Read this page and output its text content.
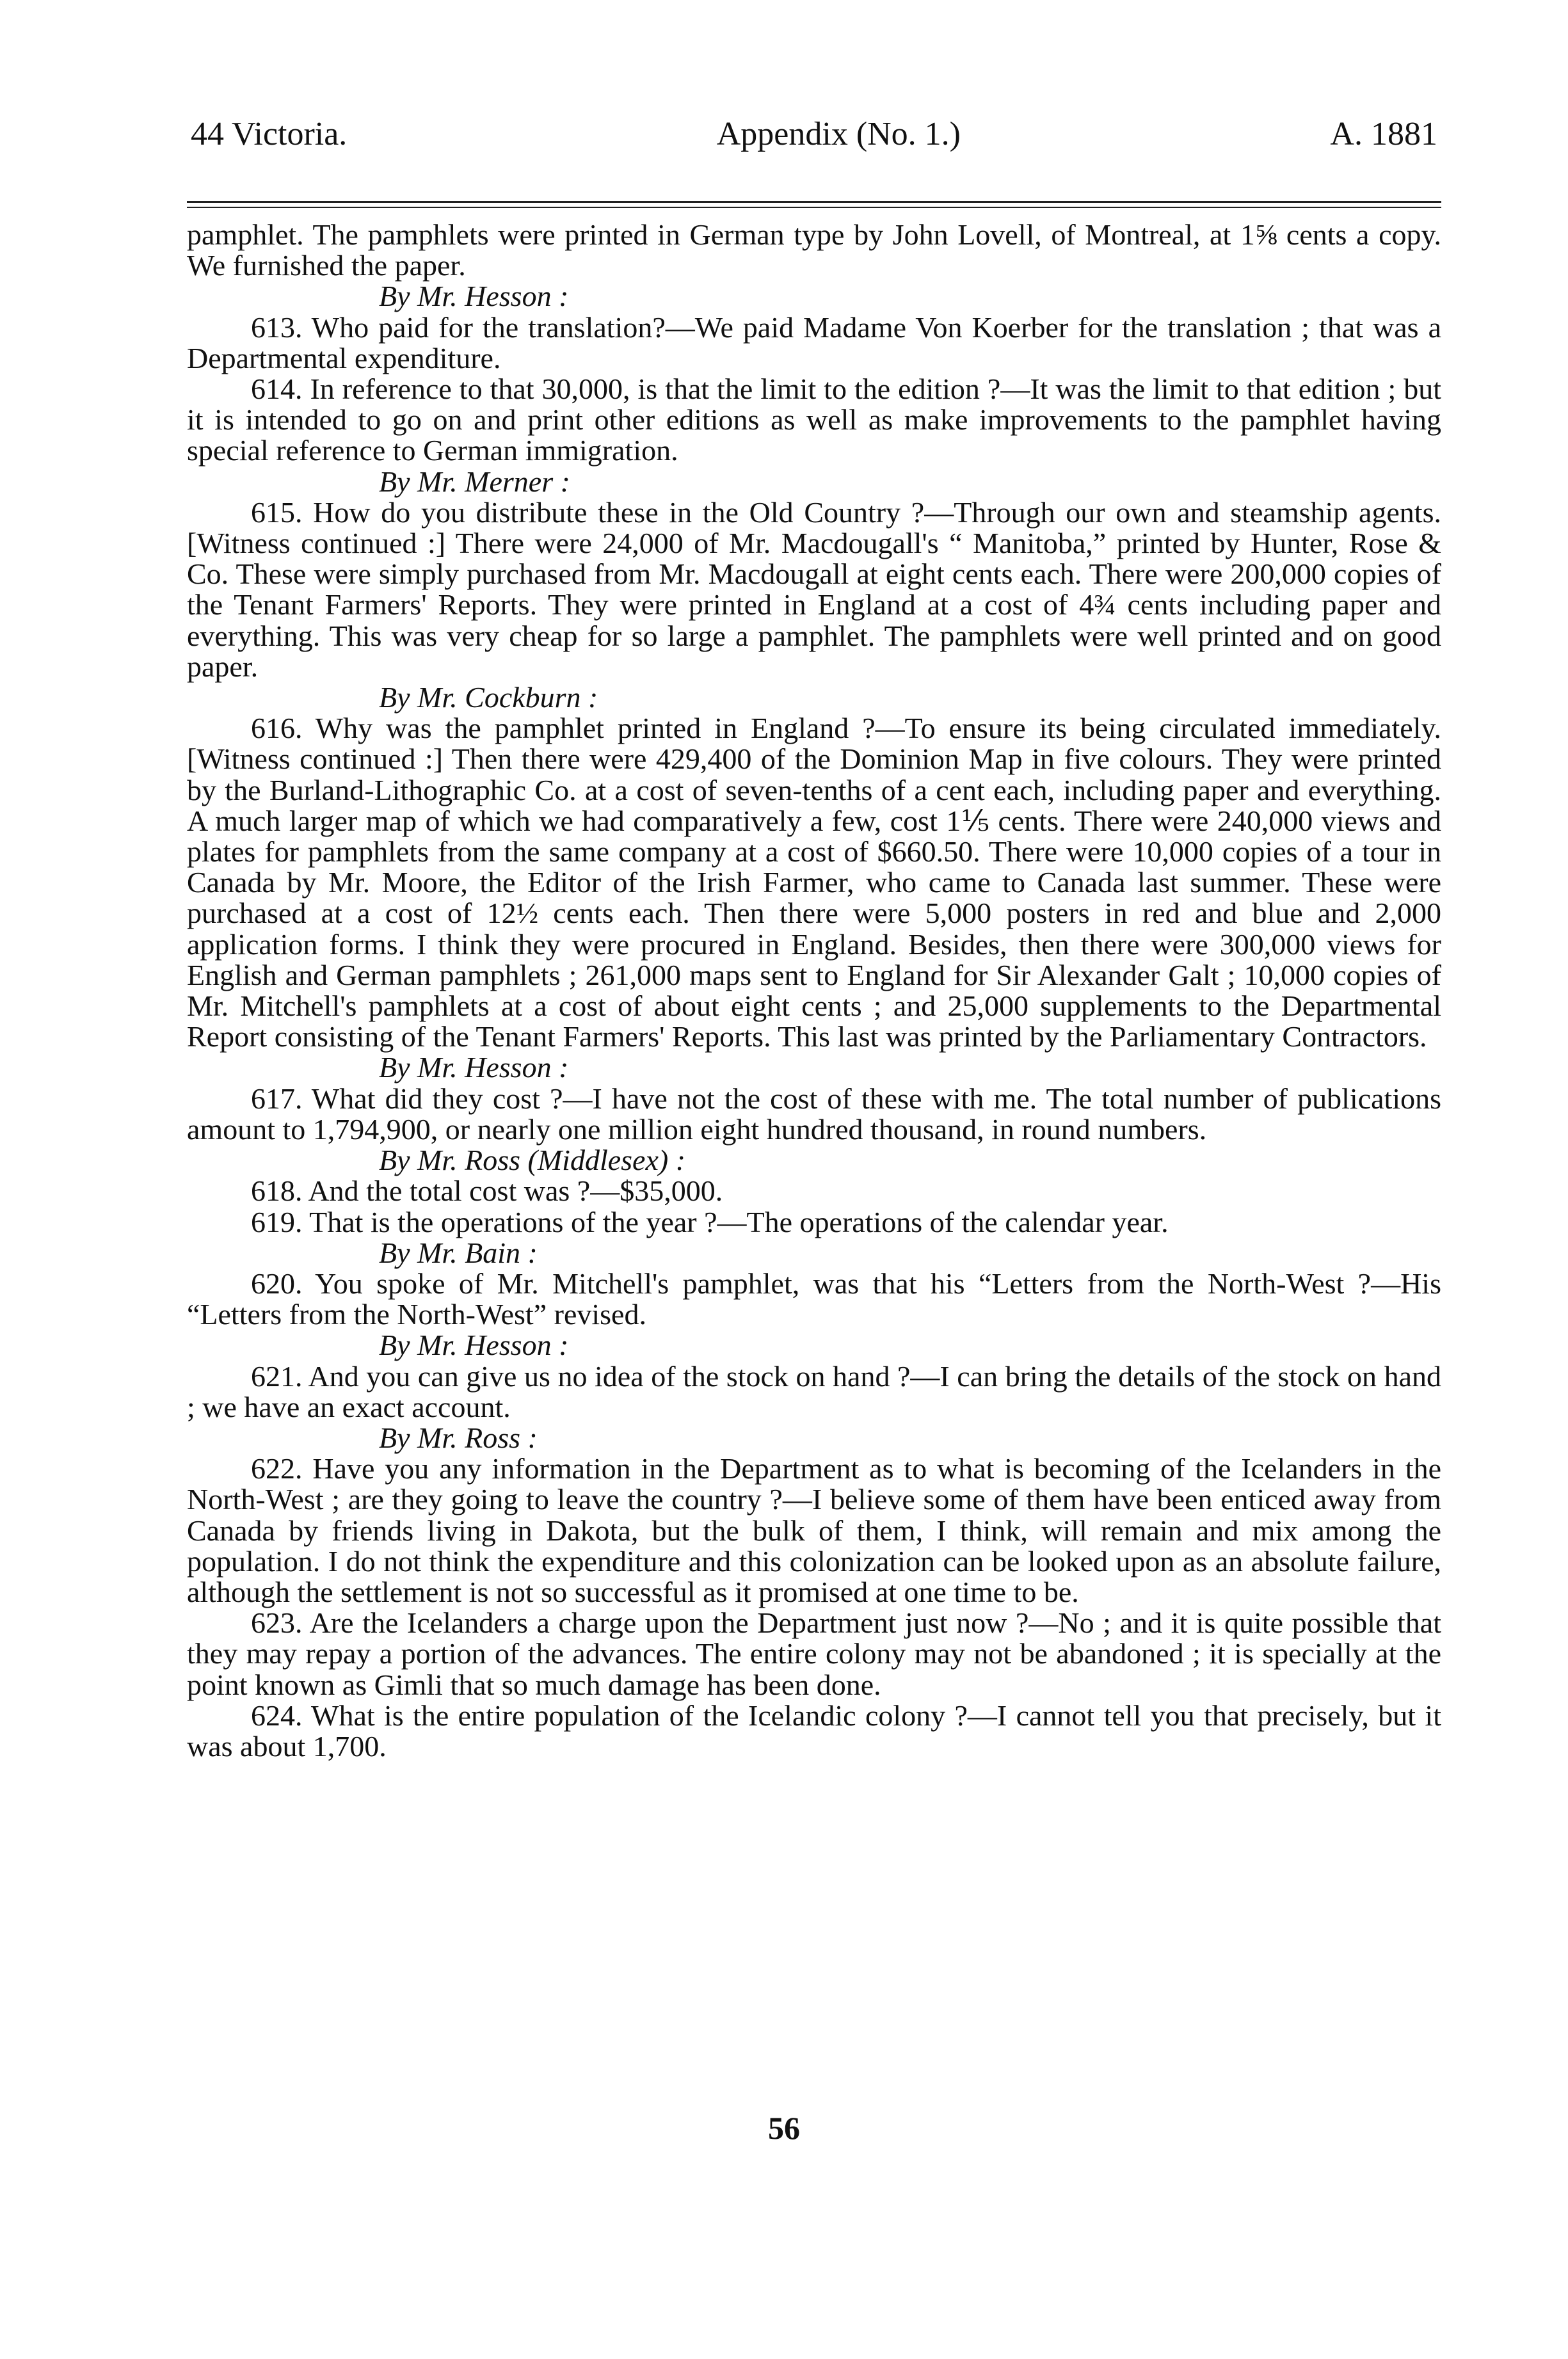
44 Victoria.	Appendix (No. 1.)	A. 1881

pamphlet. The pamphlets were printed in German type by John Lovell, of Montreal, at 1⅝ cents a copy. We furnished the paper.

By Mr. Hesson :

613. Who paid for the translation?—We paid Madame Von Koerber for the translation ; that was a Departmental expenditure.

614. In reference to that 30,000, is that the limit to the edition ?—It was the limit to that edition ; but it is intended to go on and print other editions as well as make improvements to the pamphlet having special reference to German immigration.

By Mr. Merner :

615. How do you distribute these in the Old Country ?—Through our own and steamship agents. [Witness continued :] There were 24,000 of Mr. Macdougall's “ Manitoba,” printed by Hunter, Rose & Co. These were simply purchased from Mr. Macdougall at eight cents each. There were 200,000 copies of the Tenant Farmers' Reports. They were printed in England at a cost of 4¾ cents including paper and everything. This was very cheap for so large a pamphlet. The pamphlets were well printed and on good paper.

By Mr. Cockburn :

616. Why was the pamphlet printed in England ?—To ensure its being circulated immediately. [Witness continued :] Then there were 429,400 of the Dominion Map in five colours. They were printed by the Burland-Lithographic Co. at a cost of seven-tenths of a cent each, including paper and everything. A much larger map of which we had comparatively a few, cost 1⅕ cents. There were 240,000 views and plates for pamphlets from the same company at a cost of $660.50. There were 10,000 copies of a tour in Canada by Mr. Moore, the Editor of the Irish Farmer, who came to Canada last summer. These were purchased at a cost of 12½ cents each. Then there were 5,000 posters in red and blue and 2,000 application forms. I think they were procured in England. Besides, then there were 300,000 views for English and German pamphlets ; 261,000 maps sent to England for Sir Alexander Galt ; 10,000 copies of Mr. Mitchell's pamphlets at a cost of about eight cents ; and 25,000 supplements to the Departmental Report consisting of the Tenant Farmers' Reports. This last was printed by the Parliamentary Contractors.

By Mr. Hesson :

617. What did they cost ?—I have not the cost of these with me. The total number of publications amount to 1,794,900, or nearly one million eight hundred thousand, in round numbers.

By Mr. Ross (Middlesex) :

618. And the total cost was ?—$35,000.

619. That is the operations of the year ?—The operations of the calendar year.

By Mr. Bain :

620. You spoke of Mr. Mitchell's pamphlet, was that his “Letters from the North-West ?—His “Letters from the North-West” revised.

By Mr. Hesson :

621. And you can give us no idea of the stock on hand ?—I can bring the details of the stock on hand ; we have an exact account.

By Mr. Ross :

622. Have you any information in the Department as to what is becoming of the Icelanders in the North-West ; are they going to leave the country ?—I believe some of them have been enticed away from Canada by friends living in Dakota, but the bulk of them, I think, will remain and mix among the population. I do not think the expenditure and this colonization can be looked upon as an absolute failure, although the settlement is not so successful as it promised at one time to be.

623. Are the Icelanders a charge upon the Department just now ?—No ; and it is quite possible that they may repay a portion of the advances. The entire colony may not be abandoned ; it is specially at the point known as Gimli that so much damage has been done.

624. What is the entire population of the Icelandic colony ?—I cannot tell you that precisely, but it was about 1,700.

56
